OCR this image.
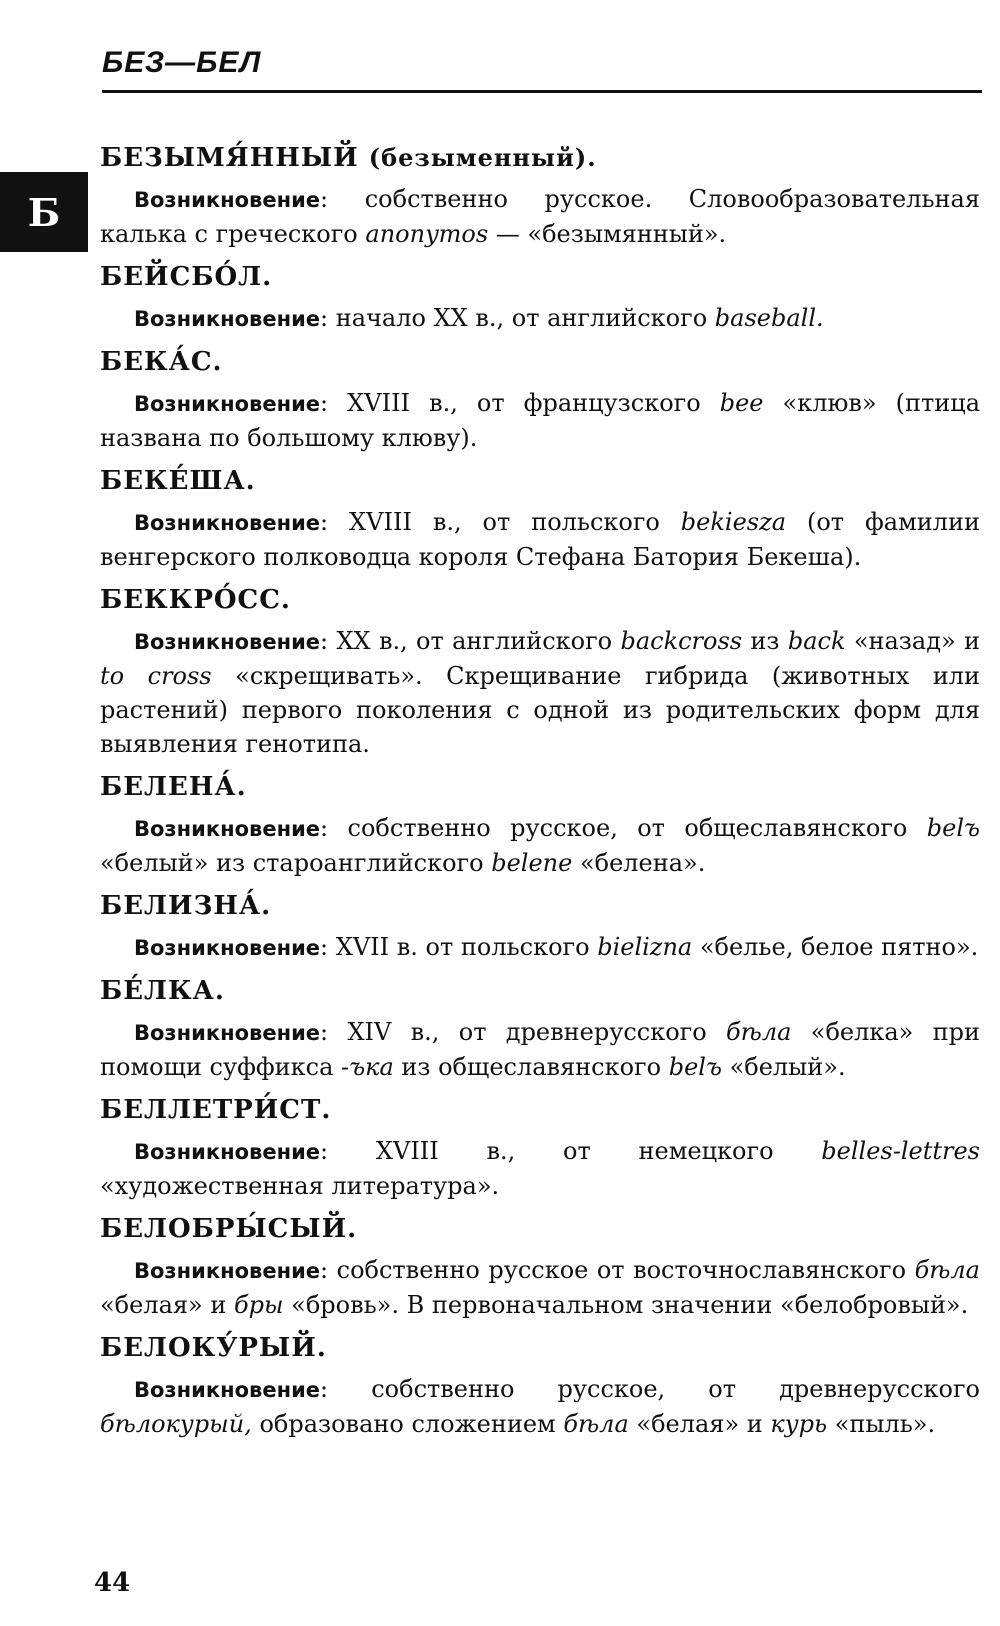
БЕЗ—БЕЛ
Б
БЕЗЫМЯ́ННЫЙ (безыменный).
Возникновение: собственно русское. Словообразовательная калька с греческого anonymos — «безымянный».
БЕЙСБО́Л.
Возникновение: начало XX в., от английского baseball.
БЕКА́С.
Возникновение: XVIII в., от французского bee «клюв» (птица названа по большому клюву).
БЕКЕ́ША.
Возникновение: XVIII в., от польского bekiesza (от фамилии венгерского полководца короля Стефана Батория Бекеша).
БЕККРО́СС.
Возникновение: XX в., от английского backcross из back «назад» и to cross «скрещивать». Скрещивание гибрида (животных или растений) первого поколения с одной из родительских форм для выявления генотипа.
БЕЛЕНА́.
Возникновение: собственно русское, от общеславянского belъ «белый» из староанглийского belene «белена».
БЕЛИЗНА́.
Возникновение: XVII в. от польского bielizna «белье, белое пятно».
БЕ́ЛКА.
Возникновение: XIV в., от древнерусского бѣла «белка» при помощи суффикса -ъка из общеславянского belъ «белый».
БЕЛЛЕТРИ́СТ.
Возникновение: XVIII в., от немецкого belles-lettres «художественная литература».
БЕЛОБРЫ́СЫЙ.
Возникновение: собственно русское от восточнославянского бѣла «белая» и бры «бровь». В первоначальном значении «белобровый».
БЕЛОКУ́РЫЙ.
Возникновение: собственно русское, от древнерусского бѣлокурый, образовано сложением бѣла «белая» и курь «пыль».
44
